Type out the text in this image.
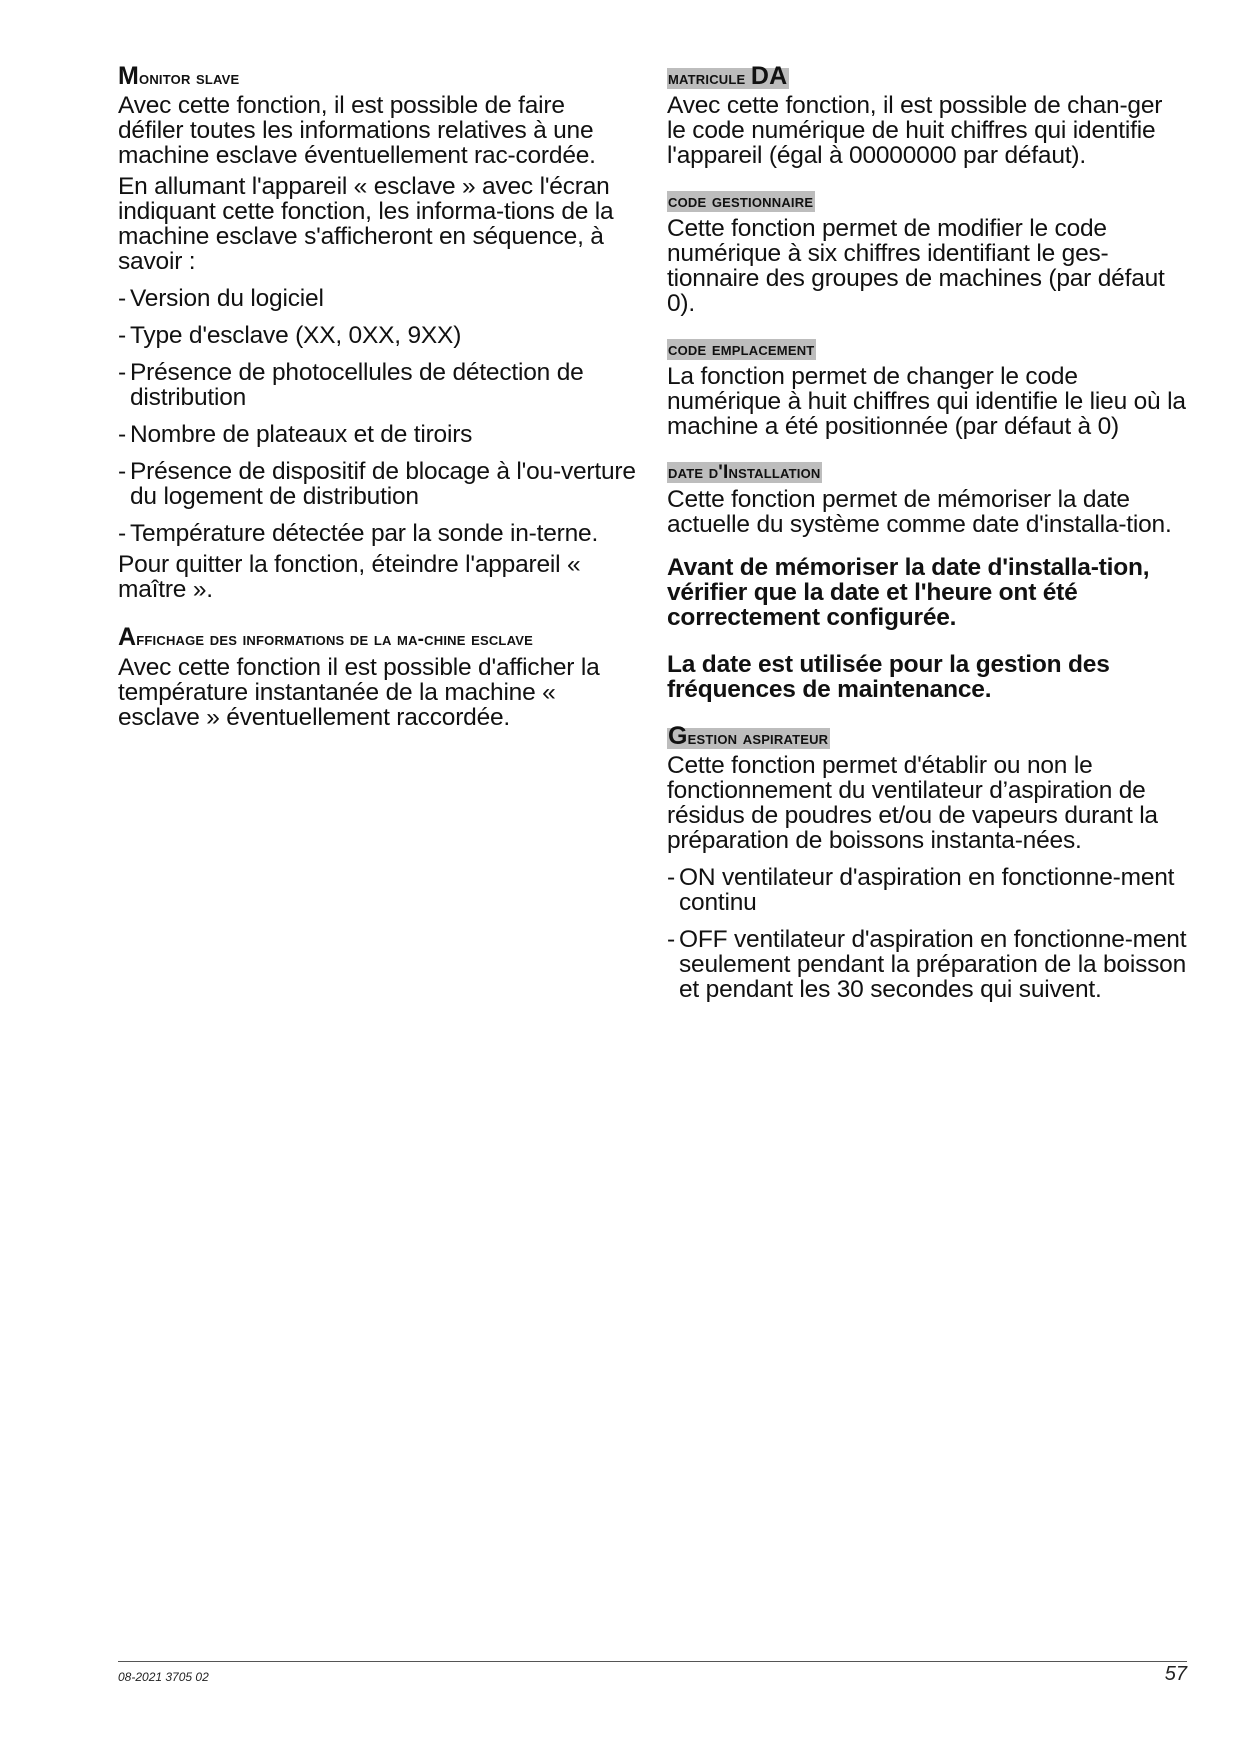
Monitor slave

Avec cette fonction, il est possible de faire défiler toutes les informations relatives à une machine esclave éventuellement rac-cordée.

En allumant l'appareil « esclave » avec l'écran indiquant cette fonction, les informa-tions de la machine esclave s'afficheront en séquence, à savoir :

- Version du logiciel
- Type d'esclave (XX, 0XX, 9XX)
- Présence de photocellules de détection de distribution
- Nombre de plateaux et de tiroirs
- Présence de dispositif de blocage à l'ou-verture du logement de distribution
- Température détectée par la sonde in-terne.

Pour quitter la fonction, éteindre l'appareil « maître ».

Affichage des informations de la ma-chine esclave

Avec cette fonction il est possible d'afficher la température instantanée de la machine « esclave » éventuellement raccordée.

matricule DA

Avec cette fonction, il est possible de chan-ger le code numérique de huit chiffres qui identifie l'appareil (égal à 00000000 par défaut).

code gestionnaire

Cette fonction permet de modifier le code numérique à six chiffres identifiant le ges-tionnaire des groupes de machines (par défaut 0).

code emplacement

La fonction permet de changer le code numérique à huit chiffres qui identifie le lieu où la machine a été positionnée (par défaut à 0)

date d'Installation

Cette fonction permet de mémoriser la date actuelle du système comme date d'installa-tion.

Avant de mémoriser la date d'installa-tion, vérifier que la date et l'heure ont été correctement configurée.

La date est utilisée pour la gestion des fréquences de maintenance.

Gestion aspirateur

Cette fonction permet d'établir ou non le fonctionnement du ventilateur d’aspiration de résidus de poudres et/ou de vapeurs durant la préparation de boissons instanta-nées.

- ON ventilateur d'aspiration en fonctionne-ment continu
- OFF ventilateur d'aspiration en fonctionne-ment seulement pendant la préparation de la boisson et pendant les 30 secondes qui suivent.
08-2021 3705 02	57
